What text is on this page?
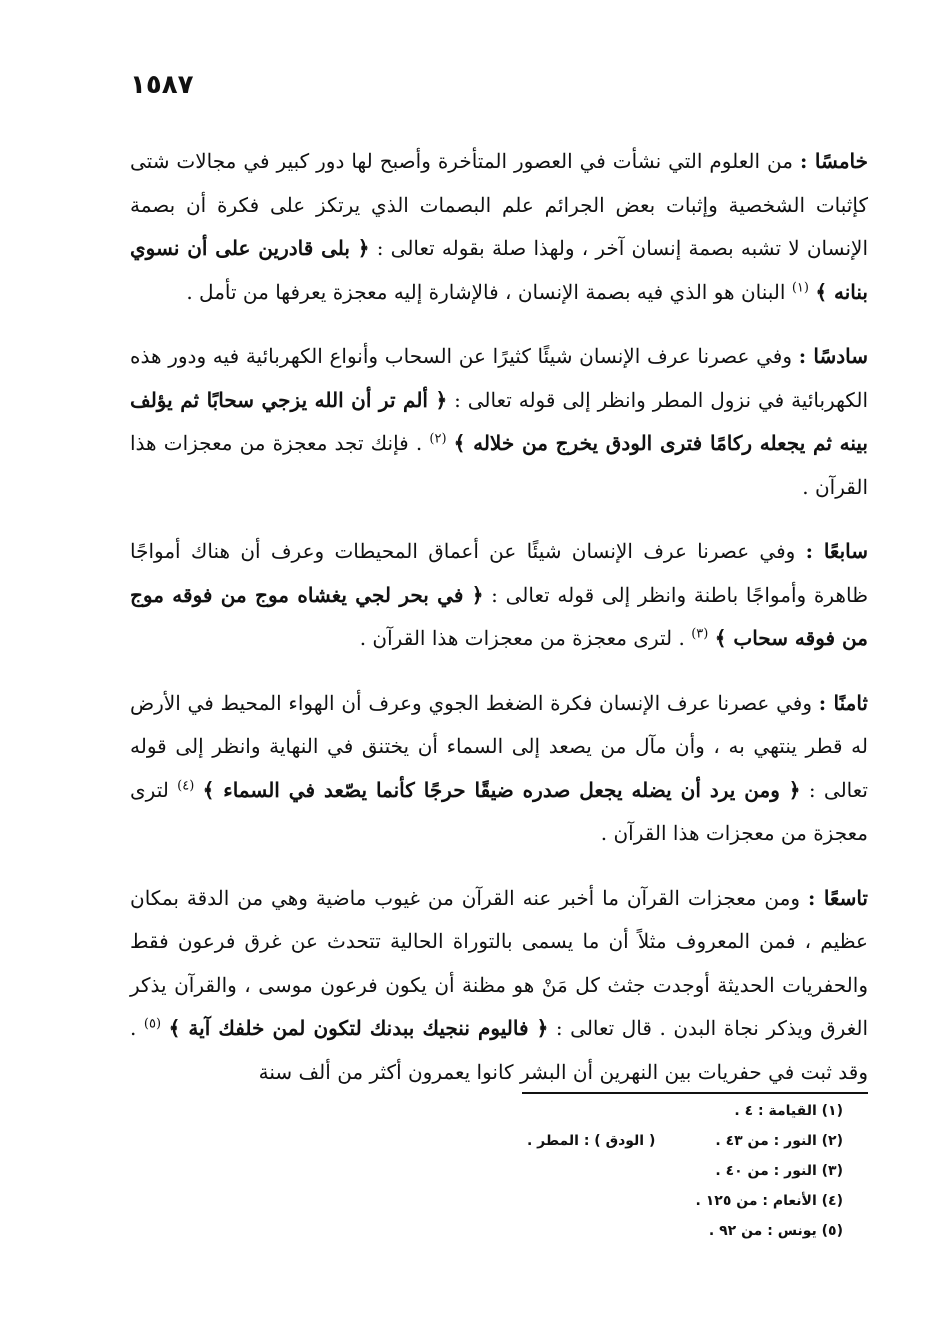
١٥٨٧

خامسًا : من العلوم التي نشأت في العصور المتأخرة وأصبح لها دور كبير في مجالات شتى كإثبات الشخصية وإثبات بعض الجرائم علم البصمات الذي يرتكز على فكرة أن بصمة الإنسان لا تشبه بصمة إنسان آخر ، ولهذا صلة بقوله تعالى : ﴿ بلى قادرين على أن نسوي بنانه ﴾ $^{(١)}$ البنان هو الذي فيه بصمة الإنسان ، فالإشارة إليه معجزة يعرفها من تأمل .

سادسًا : وفي عصرنا عرف الإنسان شيئًا كثيرًا عن السحاب وأنواع الكهربائية فيه ودور هذه الكهربائية في نزول المطر وانظر إلى قوله تعالى : ﴿ ألم تر أن الله يزجي سحابًا ثم يؤلف بينه ثم يجعله ركامًا فترى الودق يخرج من خلاله ﴾ $^{(٢)}$ . فإنك تجد معجزة من معجزات هذا القرآن .

سابعًا : وفي عصرنا عرف الإنسان شيئًا عن أعماق المحيطات وعرف أن هناك أمواجًا ظاهرة وأمواجًا باطنة وانظر إلى قوله تعالى : ﴿ في بحر لجي يغشاه موج من فوقه موج من فوقه سحاب ﴾ $^{(٣)}$ . لترى معجزة من معجزات هذا القرآن .

ثامنًا : وفي عصرنا عرف الإنسان فكرة الضغط الجوي وعرف أن الهواء المحيط في الأرض له قطر ينتهي به ، وأن مآل من يصعد إلى السماء أن يختنق في النهاية وانظر إلى قوله تعالى : ﴿ ومن يرد أن يضله يجعل صدره ضيقًا حرجًا كأنما يصّعد في السماء ﴾ $^{(٤)}$ لترى معجزة من معجزات هذا القرآن .

تاسعًا : ومن معجزات القرآن ما أخبر عنه القرآن من غيوب ماضية وهي من الدقة بمكان عظيم ، فمن المعروف مثلاً أن ما يسمى بالتوراة الحالية تتحدث عن غرق فرعون فقط والحفريات الحديثة أوجدت جثث كل مَنْ هو مظنة أن يكون فرعون موسى ، والقرآن يذكر الغرق ويذكر نجاة البدن . قال تعالى : ﴿ فاليوم ننجيك ببدنك لتكون لمن خلفك آية ﴾ $^{(٥)}$ . وقد ثبت في حفريات بين النهرين أن البشر كانوا يعمرون أكثر من ألف سنة

(١) القيامة : ٤ .
(٢) النور : من ٤٣ .( الودق ) : المطر .
(٣) النور : من ٤٠ .
(٤) الأنعام : من ١٢٥ .
(٥) يونس : من ٩٢ .
